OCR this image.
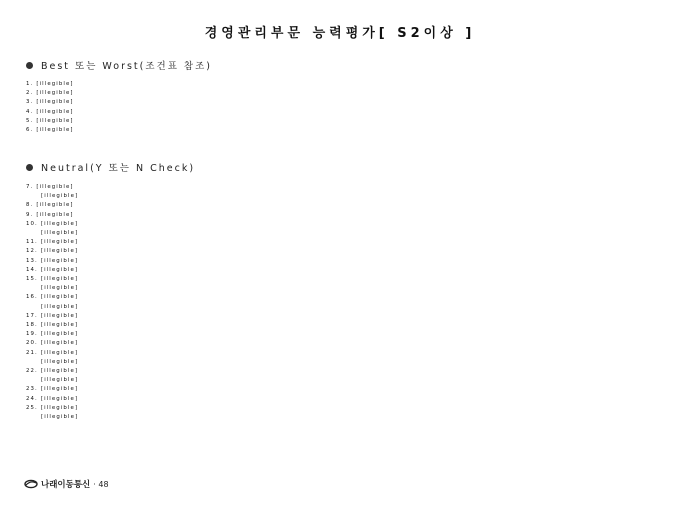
경영관리부문 능력평가[ S2이상 ]
Best 또는 Worst(조건표 참조)
1. [illegible]
2. [illegible]
3. [illegible]
4. [illegible]
5. [illegible]
6. [illegible]
Neutral(Y 또는 N Check)
7. [illegible]
[illegible]
8. [illegible]
9. [illegible]
10. [illegible]
[illegible]
11. [illegible]
12. [illegible]
13. [illegible]
14. [illegible]
15. [illegible]
[illegible]
16. [illegible]
[illegible]
17. [illegible]
18. [illegible]
19. [illegible]
20. [illegible]
21. [illegible]
[illegible]
22. [illegible]
[illegible]
23. [illegible]
24. [illegible]
25. [illegible]
[illegible]
나래이동통신 · 48
